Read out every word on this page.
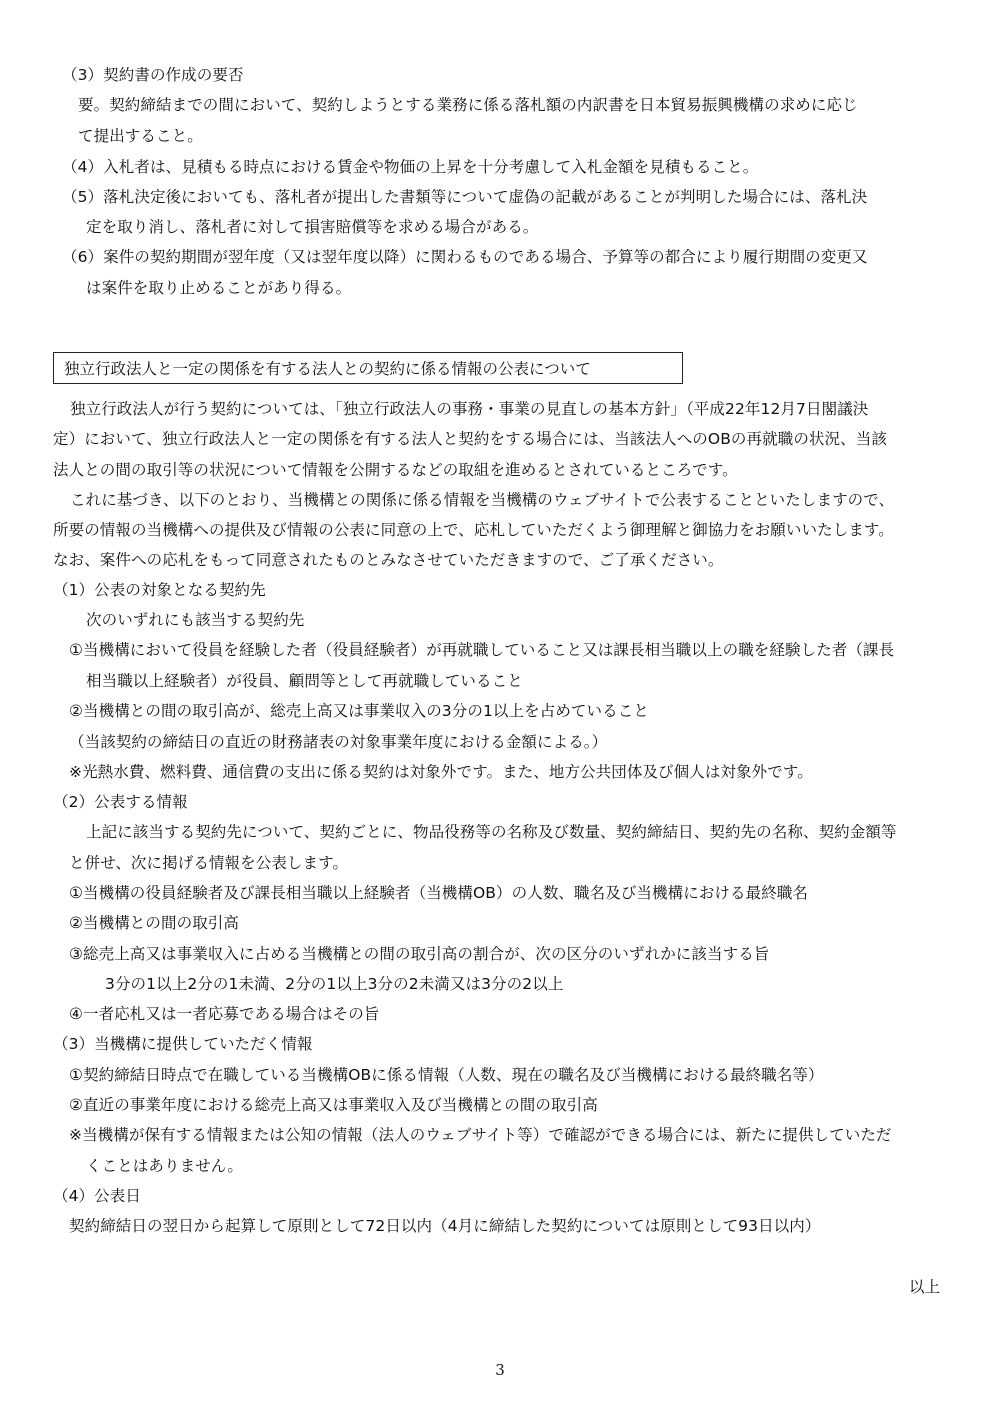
（3）契約書の作成の要否
要。契約締結までの間において、契約しようとする業務に係る落札額の内訳書を日本貿易振興機構の求めに応じ
て提出すること。
（4）入札者は、見積もる時点における賃金や物価の上昇を十分考慮して入札金額を見積もること。
（5）落札決定後においても、落札者が提出した書類等について虚偽の記載があることが判明した場合には、落札決
定を取り消し、落札者に対して損害賠償等を求める場合がある。
（6）案件の契約期間が翌年度（又は翌年度以降）に関わるものである場合、予算等の都合により履行期間の変更又
は案件を取り止めることがあり得る。
独立行政法人と一定の関係を有する法人との契約に係る情報の公表について
独立行政法人が行う契約については、「独立行政法人の事務・事業の見直しの基本方針」（平成22年12月7日閣議決
定）において、独立行政法人と一定の関係を有する法人と契約をする場合には、当該法人へのOBの再就職の状況、当該
法人との間の取引等の状況について情報を公開するなどの取組を進めるとされているところです。
これに基づき、以下のとおり、当機構との関係に係る情報を当機構のウェブサイトで公表することといたしますので、
所要の情報の当機構への提供及び情報の公表に同意の上で、応札していただくよう御理解と御協力をお願いいたします。
なお、案件への応札をもって同意されたものとみなさせていただきますので、ご了承ください。
（1）公表の対象となる契約先
次のいずれにも該当する契約先
①当機構において役員を経験した者（役員経験者）が再就職していること又は課長相当職以上の職を経験した者（課長
相当職以上経験者）が役員、顧問等として再就職していること
②当機構との間の取引高が、総売上高又は事業収入の3分の1以上を占めていること
（当該契約の締結日の直近の財務諸表の対象事業年度における金額による。）
※光熱水費、燃料費、通信費の支出に係る契約は対象外です。また、地方公共団体及び個人は対象外です。
（2）公表する情報
上記に該当する契約先について、契約ごとに、物品役務等の名称及び数量、契約締結日、契約先の名称、契約金額等
と併せ、次に掲げる情報を公表します。
①当機構の役員経験者及び課長相当職以上経験者（当機構OB）の人数、職名及び当機構における最終職名
②当機構との間の取引高
③総売上高又は事業収入に占める当機構との間の取引高の割合が、次の区分のいずれかに該当する旨
3分の1以上2分の1未満、2分の1以上3分の2未満又は3分の2以上
④一者応札又は一者応募である場合はその旨
（3）当機構に提供していただく情報
①契約締結日時点で在職している当機構OBに係る情報（人数、現在の職名及び当機構における最終職名等）
②直近の事業年度における総売上高又は事業収入及び当機構との間の取引高
※当機構が保有する情報または公知の情報（法人のウェブサイト等）で確認ができる場合には、新たに提供していただ
くことはありません。
（4）公表日
契約締結日の翌日から起算して原則として72日以内（4月に締結した契約については原則として93日以内）
以上
3
